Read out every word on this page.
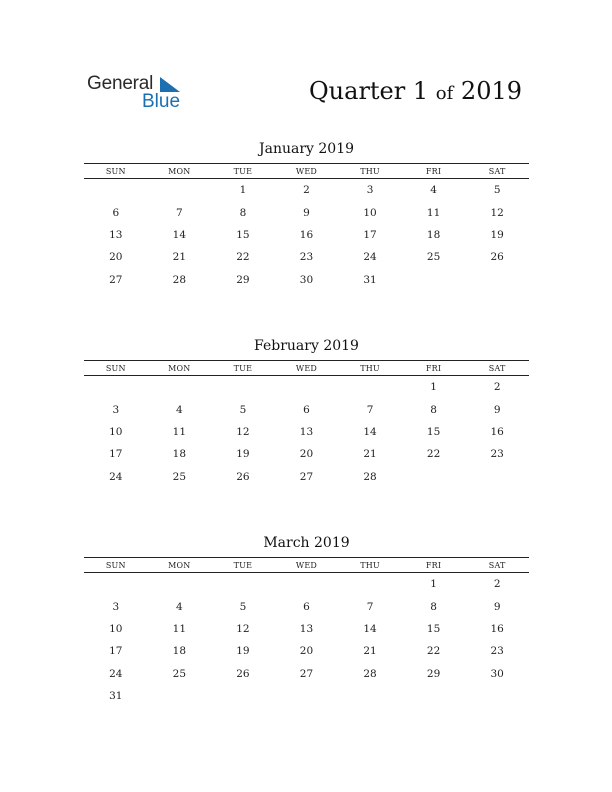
General
Blue	Quarter 1 of 2019
January 2019
SUN	MON	TUE	WED	THU	FRI	SAT
		1	2	3	4	5
6	7	8	9	10	11	12
13	14	15	16	17	18	19
20	21	22	23	24	25	26
27	28	29	30	31		
February 2019
SUN	MON	TUE	WED	THU	FRI	SAT
					1	2
3	4	5	6	7	8	9
10	11	12	13	14	15	16
17	18	19	20	21	22	23
24	25	26	27	28		
March 2019
SUN	MON	TUE	WED	THU	FRI	SAT
					1	2
3	4	5	6	7	8	9
10	11	12	13	14	15	16
17	18	19	20	21	22	23
24	25	26	27	28	29	30
31						
